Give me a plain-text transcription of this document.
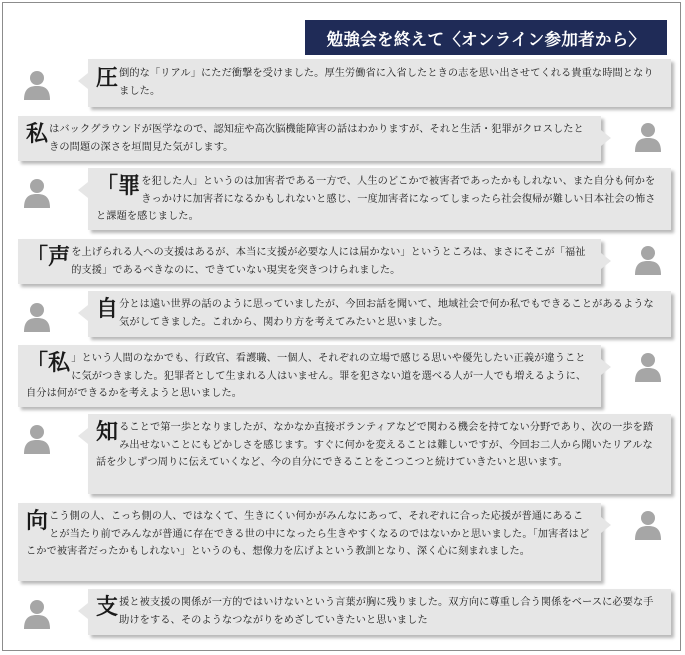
勉強会を終えて〈オンライン参加者から〉

圧倒的な「リアル」にただ衝撃を受けました。厚生労働省に入省したときの志を思い出させてくれる貴重な時間となりました。

私はバックグラウンドが医学なので、認知症や高次脳機能障害の話はわかりますが、それと生活・犯罪がクロスしたときの問題の深さを垣間見た気がします。

「罪を犯した人」というのは加害者である一方で、人生のどこかで被害者であったかもしれない、また自分も何かをきっかけに加害者になるかもしれないと感じ、一度加害者になってしまったら社会復帰が難しい日本社会の怖さと課題を感じました。

「声を上げられる人への支援はあるが、本当に支援が必要な人には届かない」というところは、まさにそこが「福祉的支援」であるべきなのに、できていない現実を突きつけられました。

自分とは遠い世界の話のように思っていましたが、今回お話を聞いて、地域社会で何か私でもできることがあるような気がしてきました。これから、関わり方を考えてみたいと思いました。

「私 」という人間のなかでも、行政官、看護職、一個人、それぞれの立場で感じる思いや優先したい正義が違うことに気がつきました。犯罪者として生まれる人はいません。罪を犯さない道を選べる人が一人でも増えるように、自分は何ができるかを考えようと思いました。

知ることで第一歩となりましたが、なかなか直接ボランティアなどで関わる機会を持てない分野であり、次の一歩を踏み出せないことにもどかしさを感じます。すぐに何かを変えることは難しいですが、今回お二人から聞いたリアルな話を少しずつ周りに伝えていくなど、今の自分にできることをこつこつと続けていきたいと思います。

向こう側の人、こっち側の人、ではなくて、生きにくい何かがみんなにあって、それぞれに合った応援が普通にあることが当たり前でみんなが普通に存在できる世の中になったら生きやすくなるのではないかと思いました。「加害者はどこかで被害者だったかもしれない」というのも、想像力を広げよという教訓となり、深く心に刻まれました。

支援と被支援の関係が一方的ではいけないという言葉が胸に残りました。双方向に尊重し合う関係をベースに必要な手助けをする、そのようなつながりをめざしていきたいと思いました
